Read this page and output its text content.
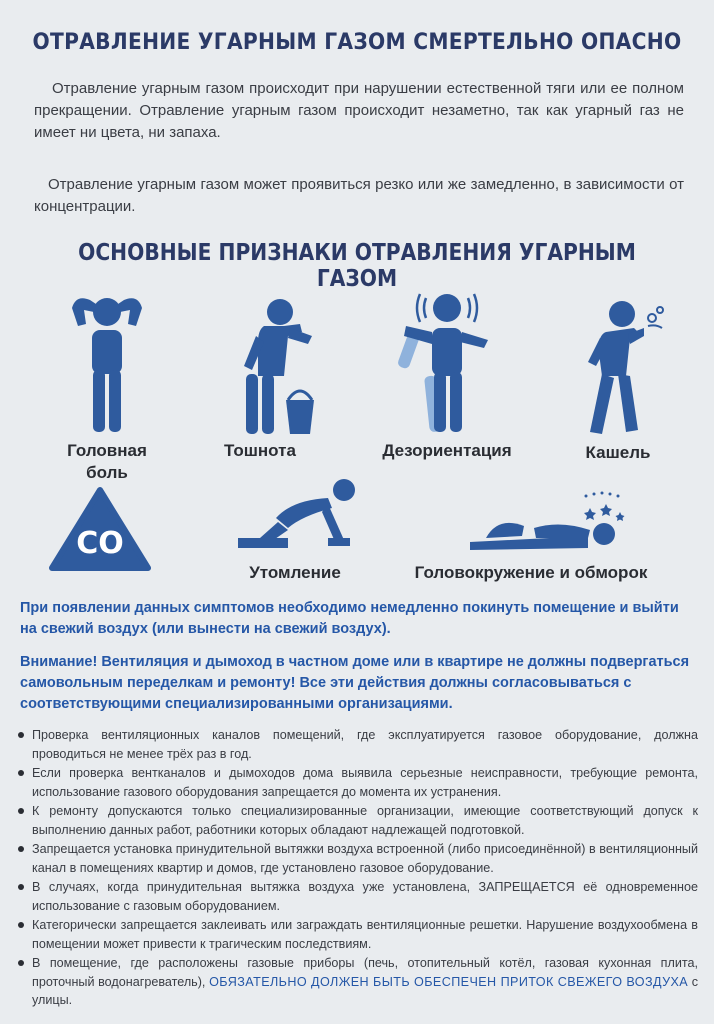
ОТРАВЛЕНИЕ УГАРНЫМ ГАЗОМ СМЕРТЕЛЬНО ОПАСНО
Отравление угарным газом происходит при нарушении естественной тяги или ее полном прекращении. Отравление угарным газом происходит незаметно, так как угарный газ не имеет ни цвета, ни запаха.
Отравление угарным газом может проявиться резко или же замедленно, в зависимости от концентрации.
ОСНОВНЫЕ ПРИЗНАКИ ОТРАВЛЕНИЯ УГАРНЫМ ГАЗОМ
Головная
боль
Тошнота	Дезориентация	Кашель
CO
Утомление	Головокружение и обморок
При появлении данных симптомов необходимо немедленно покинуть помещение и выйти на свежий воздух (или вынести на свежий воздух).
Внимание! Вентиляция и дымоход в частном доме или в квартире не должны подвергаться самовольным переделкам и ремонту! Все эти действия должны согласовываться с соответствующими специализированными организациями.
Проверка вентиляционных каналов помещений, где эксплуатируется газовое оборудование, должна проводиться не менее трёх раз в год.
Если проверка вентканалов и дымоходов дома выявила серьезные неисправности, требующие ремонта, использование газового оборудования запрещается до момента их устранения.
К ремонту допускаются только специализированные организации, имеющие соответствующий допуск к выполнению данных работ, работники которых обладают надлежащей подготовкой.
Запрещается установка принудительной вытяжки воздуха встроенной (либо присоединённой) в вентиляционный канал в помещениях квартир и домов, где установлено газовое оборудование.
В случаях, когда принудительная вытяжка воздуха уже установлена, ЗАПРЕЩАЕТСЯ её одновременное использование с газовым оборудованием.
Категорически запрещается заклеивать или заграждать вентиляционные решетки. Нарушение воздухообмена в помещении может привести к трагическим последствиям.
В помещение, где расположены газовые приборы (печь, отопительный котёл, газовая кухонная плита, проточный водонагреватель), ОБЯЗАТЕЛЬНО ДОЛЖЕН БЫТЬ ОБЕСПЕЧЕН ПРИТОК СВЕЖЕГО ВОЗДУХА с улицы.
